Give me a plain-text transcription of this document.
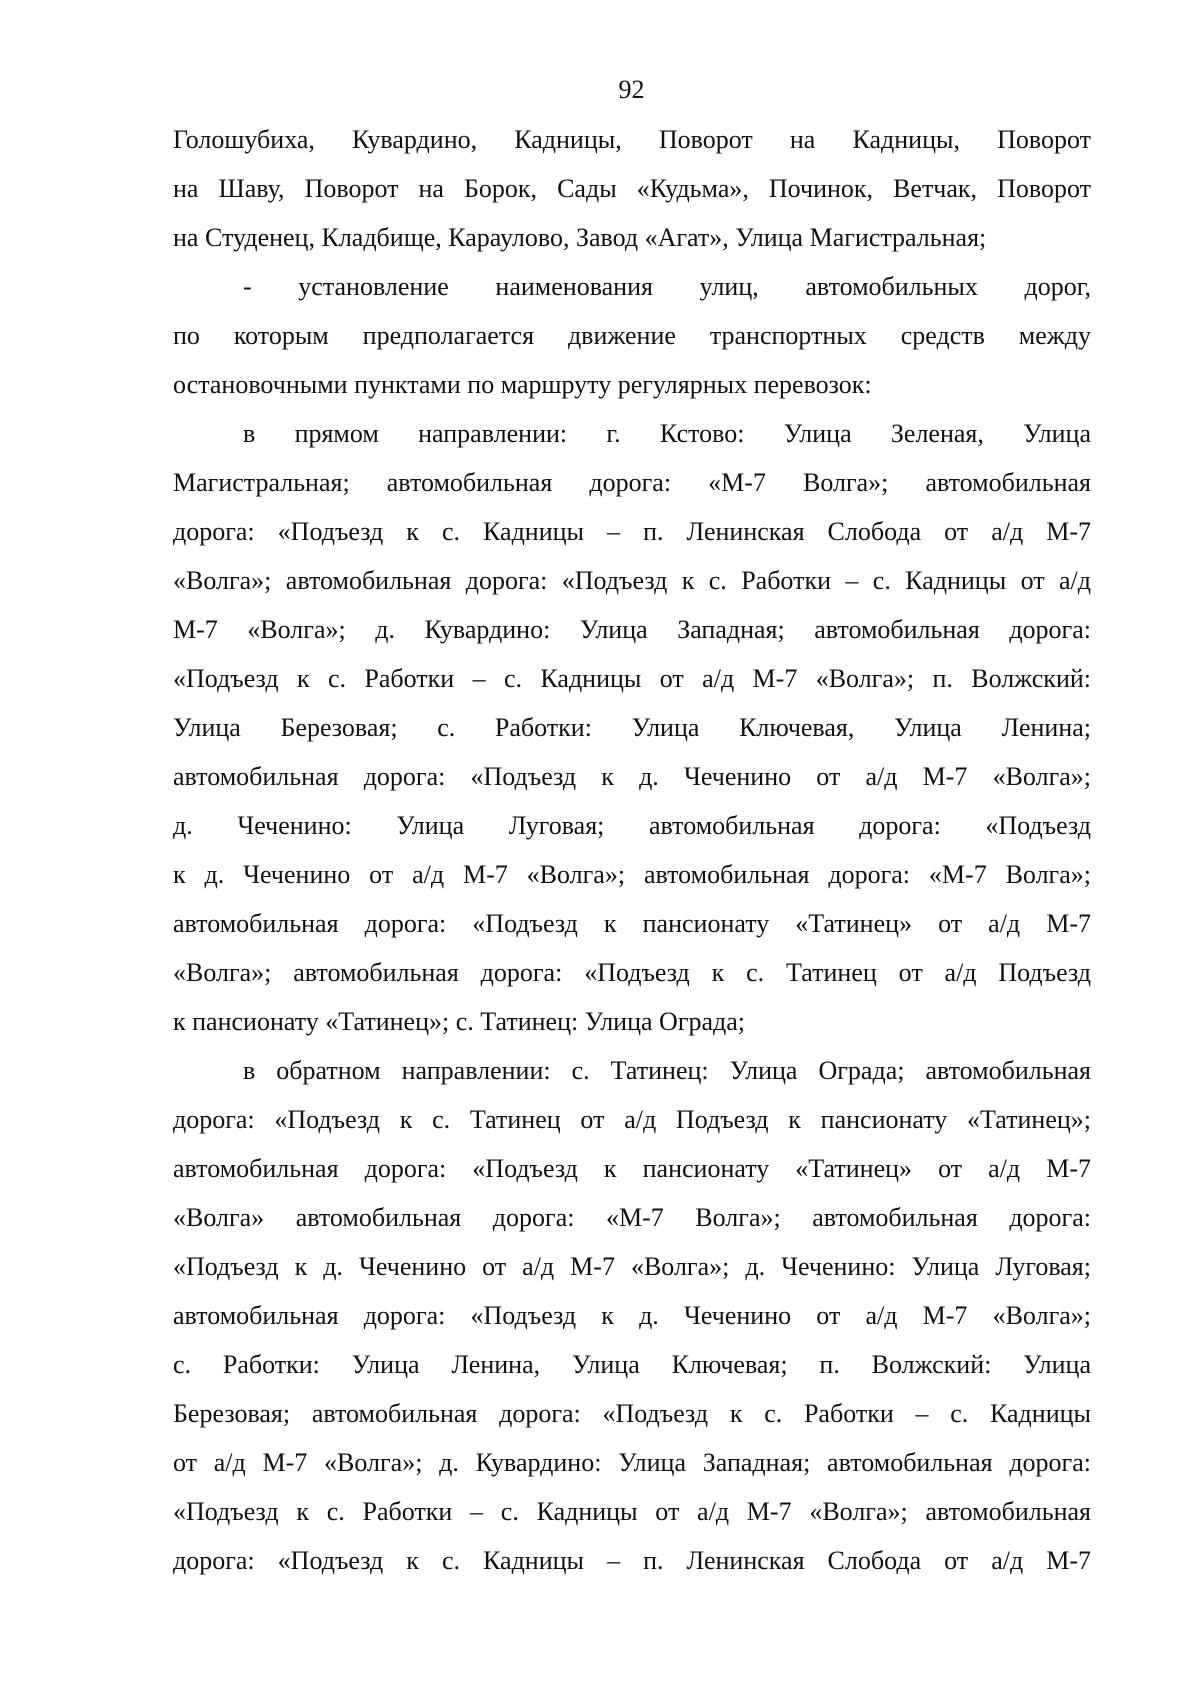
92
Голошубиха, Кувардино, Кадницы, Поворот на Кадницы, Поворот
на Шаву, Поворот на Борок, Сады «Кудьма», Починок, Ветчак, Поворот
на Студенец, Кладбище, Караулово, Завод «Агат», Улица Магистральная;
- установление наименования улиц, автомобильных дорог,
по которым предполагается движение транспортных средств между
остановочными пунктами по маршруту регулярных перевозок:
в прямом направлении: г. Кстово: Улица Зеленая, Улица
Магистральная; автомобильная дорога: «М-7 Волга»; автомобильная
дорога: «Подъезд к с. Кадницы – п. Ленинская Слобода от а/д М-7
«Волга»; автомобильная дорога: «Подъезд к с. Работки – с. Кадницы от а/д
М-7 «Волга»; д. Кувардино: Улица Западная; автомобильная дорога:
«Подъезд к с. Работки – с. Кадницы от а/д М-7 «Волга»; п. Волжский:
Улица Березовая; с. Работки: Улица Ключевая, Улица Ленина;
автомобильная дорога: «Подъезд к д. Чеченино от а/д М-7 «Волга»;
д. Чеченино: Улица Луговая; автомобильная дорога: «Подъезд
к д. Чеченино от а/д М-7 «Волга»; автомобильная дорога: «М-7 Волга»;
автомобильная дорога: «Подъезд к пансионату «Татинец» от а/д М-7
«Волга»; автомобильная дорога: «Подъезд к с. Татинец от а/д Подъезд
к пансионату «Татинец»; с. Татинец: Улица Ограда;
в обратном направлении: с. Татинец: Улица Ограда; автомобильная
дорога: «Подъезд к с. Татинец от а/д Подъезд к пансионату «Татинец»;
автомобильная дорога: «Подъезд к пансионату «Татинец» от а/д М-7
«Волга» автомобильная дорога: «М-7 Волга»; автомобильная дорога:
«Подъезд к д. Чеченино от а/д М-7 «Волга»; д. Чеченино: Улица Луговая;
автомобильная дорога: «Подъезд к д. Чеченино от а/д М-7 «Волга»;
с. Работки: Улица Ленина, Улица Ключевая; п. Волжский: Улица
Березовая; автомобильная дорога: «Подъезд к с. Работки – с. Кадницы
от а/д М-7 «Волга»; д. Кувардино: Улица Западная; автомобильная дорога:
«Подъезд к с. Работки – с. Кадницы от а/д М-7 «Волга»; автомобильная
дорога: «Подъезд к с. Кадницы – п. Ленинская Слобода от а/д М-7
